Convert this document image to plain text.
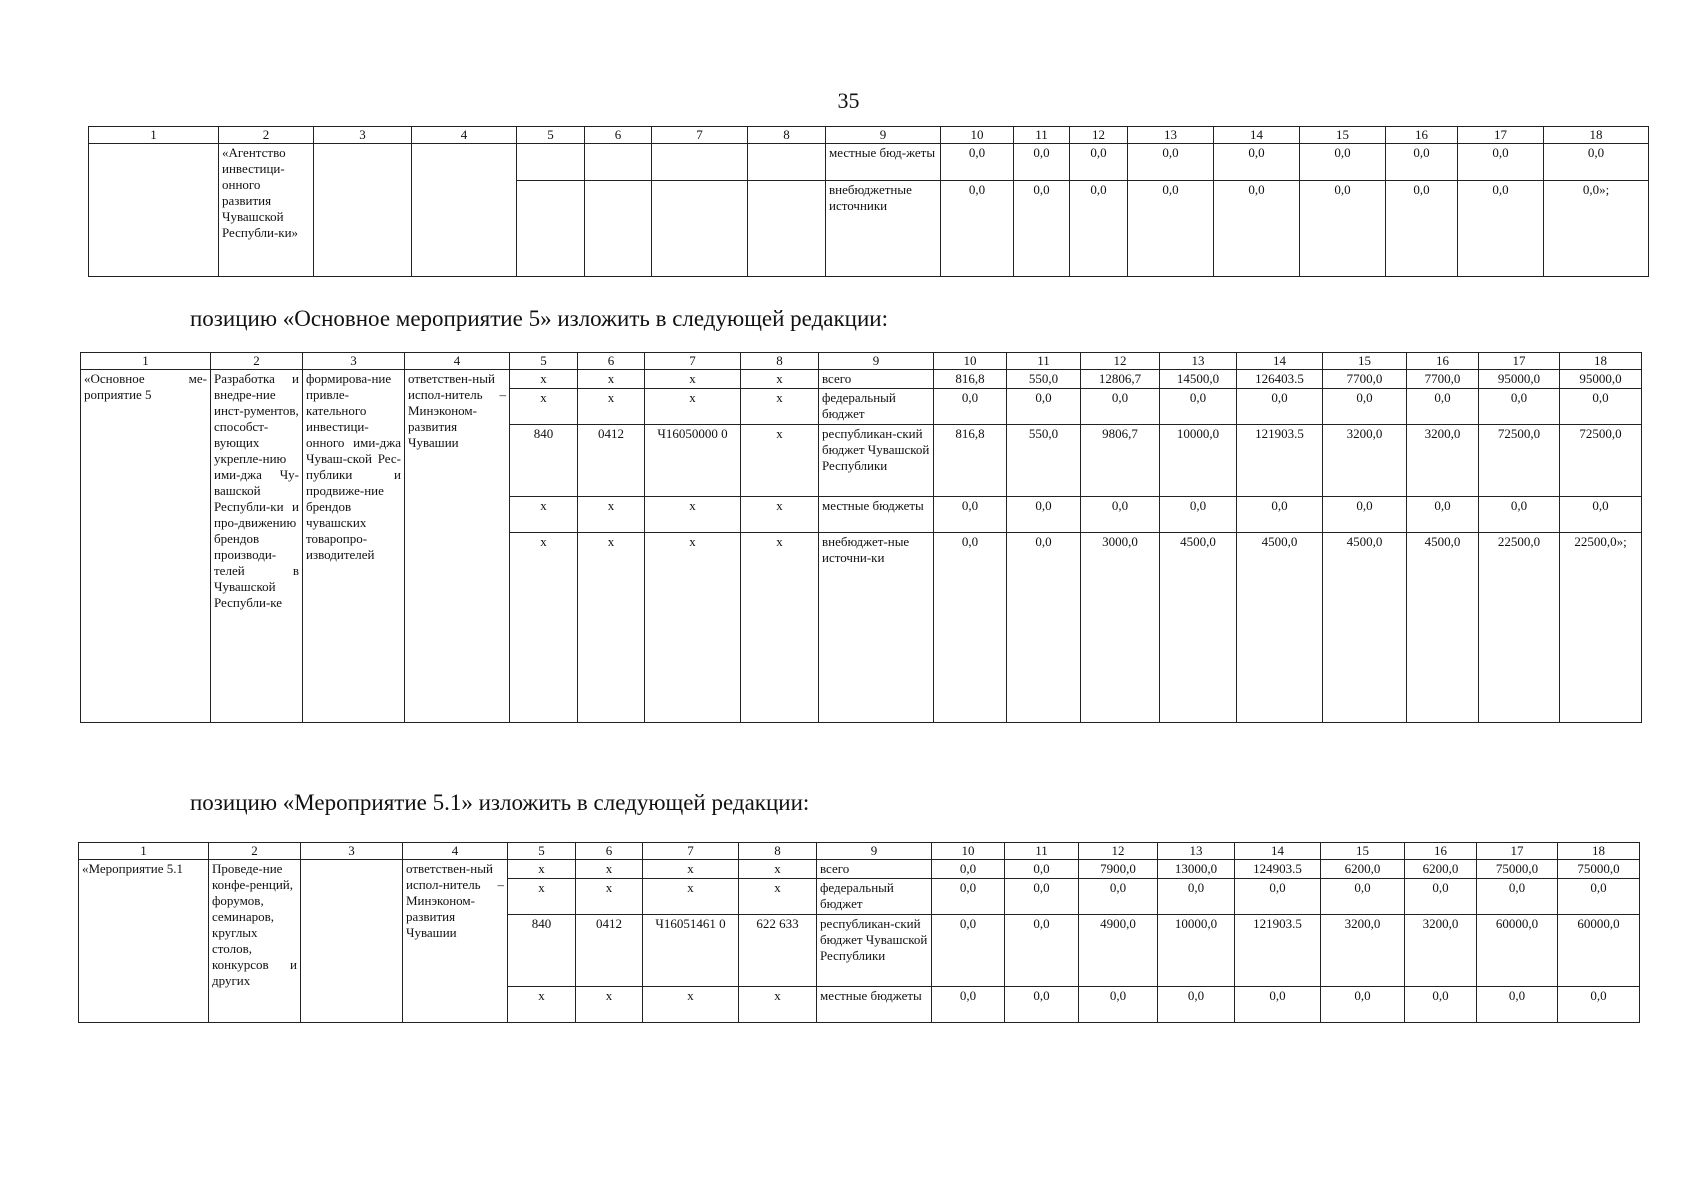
35
1	2	3	4	5	6	7	8	9	10	11	12	13	14	15	16	17	18
	«Агентство инвестици-онного развития Чувашской Республи-ки»							местные бюд-жеты	0,0	0,0	0,0	0,0	0,0	0,0	0,0	0,0	0,0
								внебюджетные источники	0,0	0,0	0,0	0,0	0,0	0,0	0,0	0,0	0,0»;
позицию «Основное мероприятие 5» изложить в следующей редакции:
1	2	3	4	5	6	7	8	9	10	11	12	13	14	15	16	17	18
«Основное ме-роприятие 5	Разработка и внедре-ние инст-рументов, способст-вующих укрепле-нию ими-джа Чу-вашской Республи-ки и про-движению брендов производи-телей в Чувашской Республи-ке	формирова-ние привле-кательного инвестици-онного ими-джа Чуваш-ской Рес-публики и продвиже-ние брендов чувашских товаропро-изводителей	ответствен-ный испол-нитель – Минэконом-развития Чувашии	х	х	х	х	всего	816,8	550,0	12806,7	14500,0	126403.5	7700,0	7700,0	95000,0	95000,0
				х	х	х	х	федеральный бюджет	0,0	0,0	0,0	0,0	0,0	0,0	0,0	0,0	0,0
				840	0412	Ч16050000 0	х	республикан-ский бюджет Чувашской Республики	816,8	550,0	9806,7	10000,0	121903.5	3200,0	3200,0	72500,0	72500,0
				х	х	х	х	местные бюджеты	0,0	0,0	0,0	0,0	0,0	0,0	0,0	0,0	0,0
				х	х	х	х	внебюджет-ные источни-ки	0,0	0,0	3000,0	4500,0	4500,0	4500,0	4500,0	22500,0	22500,0»;
позицию «Мероприятие 5.1» изложить в следующей редакции:
1	2	3	4	5	6	7	8	9	10	11	12	13	14	15	16	17	18
«Мероприятие 5.1	Проведе-ние конфе-ренций, форумов, семинаров, круглых столов, конкурсов и других		ответствен-ный испол-нитель – Минэконом-развития Чувашии	х	х	х	х	всего	0,0	0,0	7900,0	13000,0	124903.5	6200,0	6200,0	75000,0	75000,0
				х	х	х	х	федеральный бюджет	0,0	0,0	0,0	0,0	0,0	0,0	0,0	0,0	0,0
				840	0412	Ч16051461 0	622 633	республикан-ский бюджет Чувашской Республики	0,0	0,0	4900,0	10000,0	121903.5	3200,0	3200,0	60000,0	60000,0
				х	х	х	х	местные бюджеты	0,0	0,0	0,0	0,0	0,0	0,0	0,0	0,0	0,0
